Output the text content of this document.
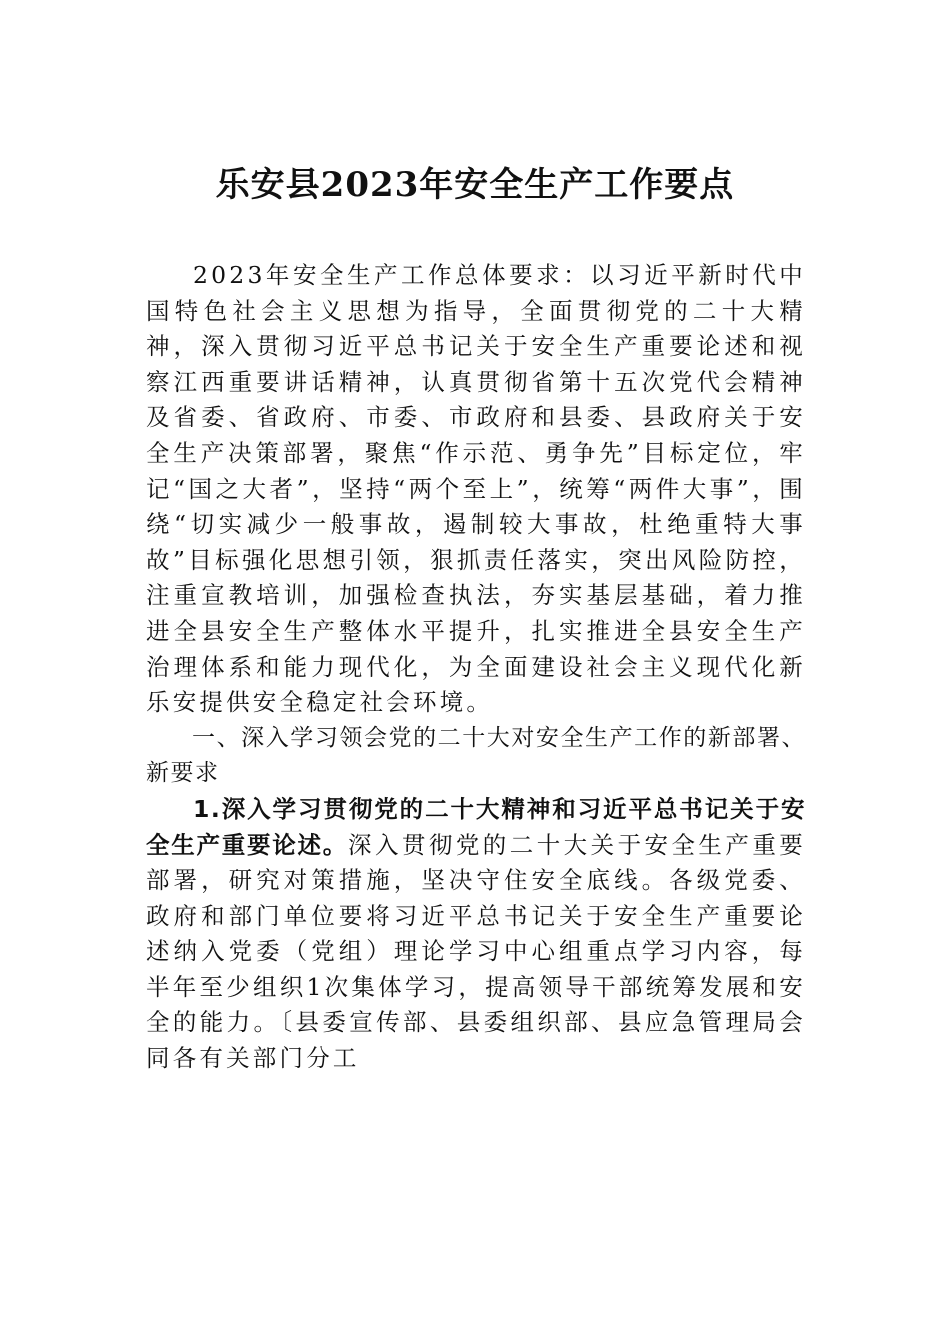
乐安县2023年安全生产工作要点

2023年安全生产工作总体要求：以习近平新时代中国特色社会主义思想为指导，全面贯彻党的二十大精神，深入贯彻习近平总书记关于安全生产重要论述和视察江西重要讲话精神，认真贯彻省第十五次党代会精神及省委、省政府、市委、市政府和县委、县政府关于安全生产决策部署，聚焦“作示范、勇争先”目标定位，牢记“国之大者”，坚持“两个至上”，统筹“两件大事”，围绕“切实减少一般事故，遏制较大事故，杜绝重特大事故”目标强化思想引领，狠抓责任落实，突出风险防控，注重宣教培训，加强检查执法，夯实基层基础，着力推进全县安全生产整体水平提升，扎实推进全县安全生产治理体系和能力现代化，为全面建设社会主义现代化新乐安提供安全稳定社会环境。

一、深入学习领会党的二十大对安全生产工作的新部署、新要求

1.深入学习贯彻党的二十大精神和习近平总书记关于安全生产重要论述。深入贯彻党的二十大关于安全生产重要部署，研究对策措施，坚决守住安全底线。各级党委、政府和部门单位要将习近平总书记关于安全生产重要论述纳入党委（党组）理论学习中心组重点学习内容，每半年至少组织1次集体学习，提高领导干部统筹发展和安全的能力。〔县委宣传部、县委组织部、县应急管理局会同各有关部门分工
